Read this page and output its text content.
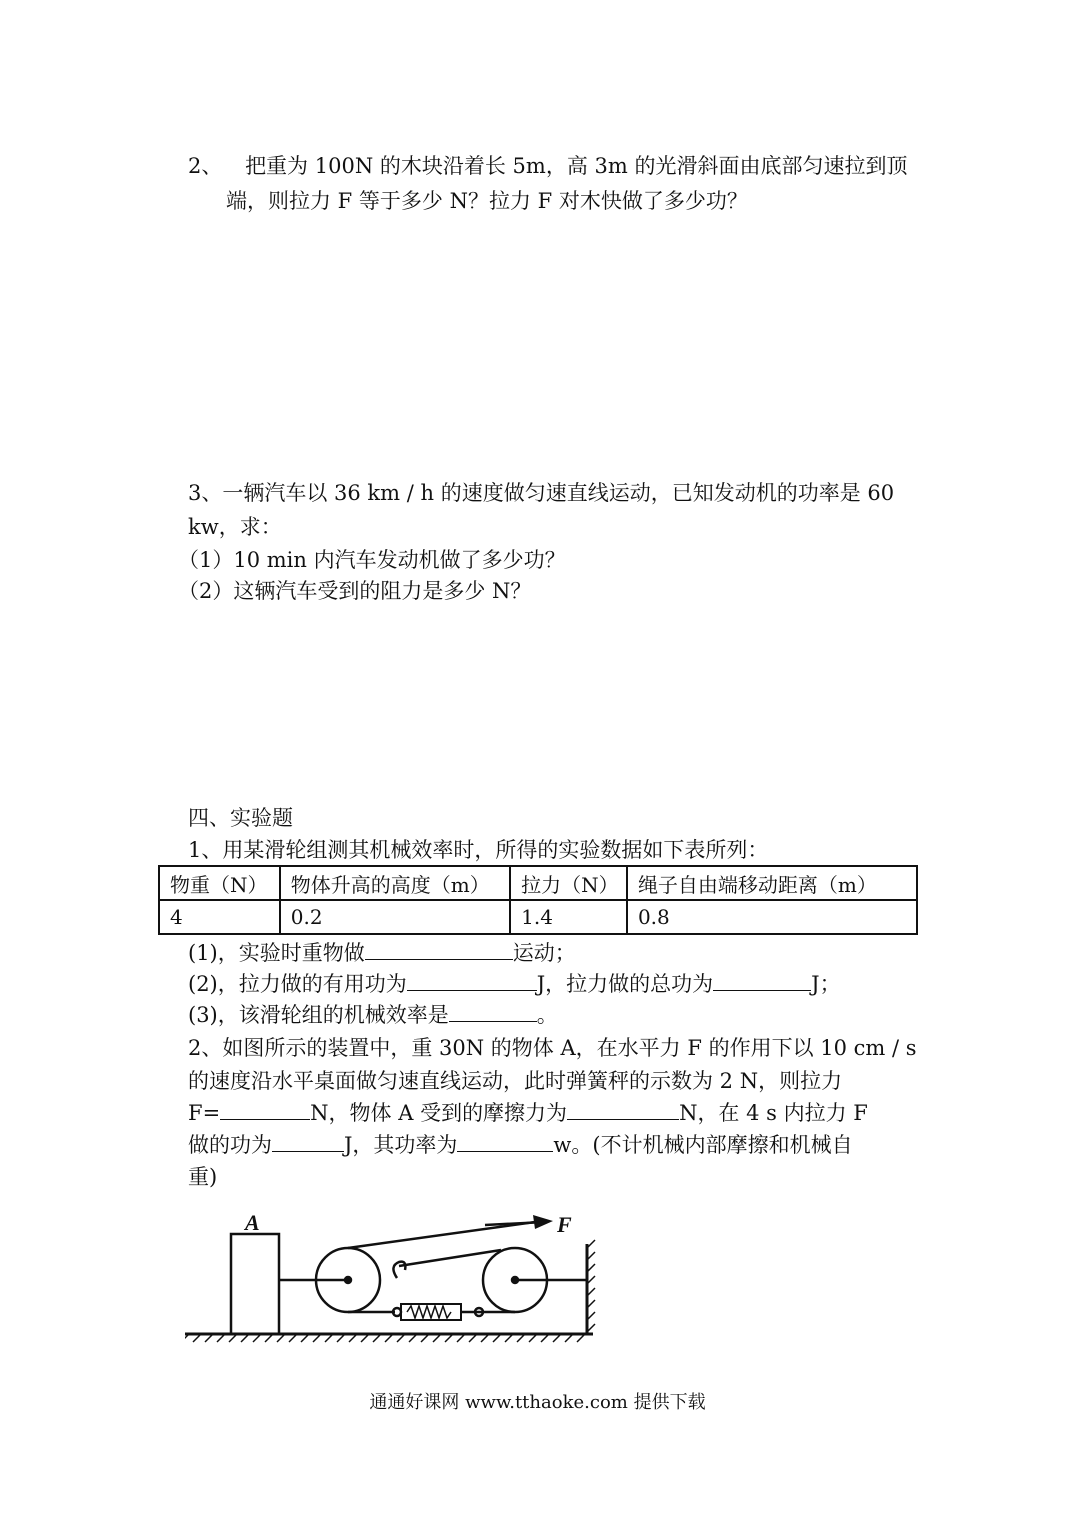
2、 把重为 100N 的木块沿着长 5m，高 3m 的光滑斜面由底部匀速拉到顶
端，则拉力 F 等于多少 N？拉力 F 对木快做了多少功？
3、一辆汽车以 36 km / h 的速度做匀速直线运动，已知发动机的功率是 60
kw，求：
（1）10 min 内汽车发动机做了多少功？
（2）这辆汽车受到的阻力是多少 N？
四、实验题
1、用某滑轮组测其机械效率时，所得的实验数据如下表所列：
物重（N）	物体升高的高度（m）	拉力（N）	绳子自由端移动距离（m）
4	0.2	1.4	0.8
(1)，实验时重物做	运动；
(2)，拉力做的有用功为	J，拉力做的总功为	J；
(3)，该滑轮组的机械效率是	。
2、如图所示的装置中，重 30N 的物体 A，在水平力 F 的作用下以 10 cm / s
的速度沿水平桌面做匀速直线运动，此时弹簧秤的示数为 2 N，则拉力
F=	N，物体 A 受到的摩擦力为	N，在 4 s 内拉力 F
做的功为	J，其功率为	w。(不计机械内部摩擦和机械自
重)
A	F
通通好课网 www.tthaoke.com 提供下载
